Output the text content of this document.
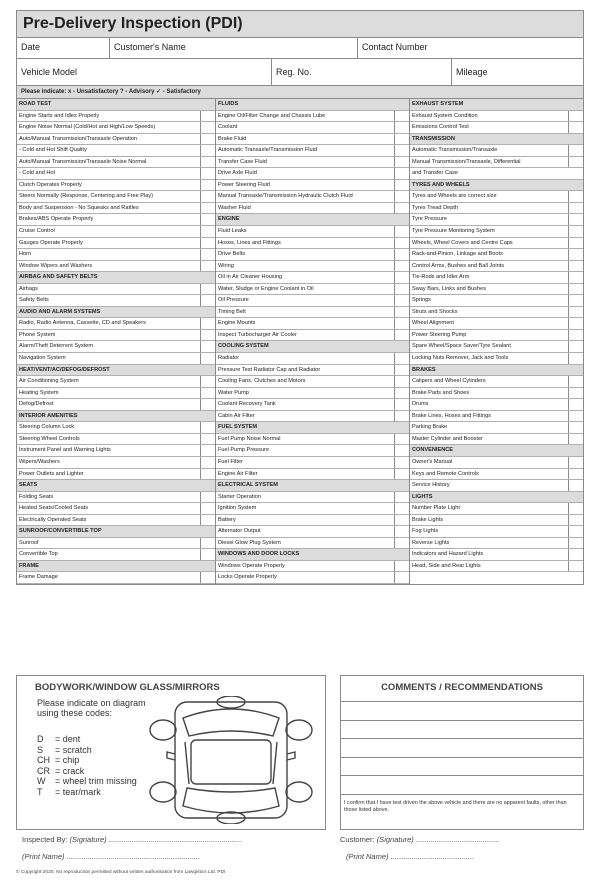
Pre-Delivery Inspection (PDI)
Date	Customer's Name	Contact Number
Vehicle Model	Reg. No.	Mileage
Please indicate: x - Unsatisfactory ? - Advisory ✓ - Satisfactory
ROAD TEST
Engine Starts and Idles Properly
Engine Noise Normal (Cold/Hot and High/Low Speeds)
Auto/Manual Transmission/Transaxle Operation
- Cold and Hot Shift Quality
Auto/Manual Transmission/Transaxle Noise Normal
- Cold and Hot
Clutch Operates Properly
Steers Normally (Response, Centering and Free Play)
Body and Suspension - No Squeaks and Rattles
Brakes/ABS Operate Properly
Cruise Control
Gauges Operate Properly
Horn
Window Wipers and Washers
AIRBAG AND SAFETY BELTS
Airbags
Safety Belts
AUDIO AND ALARM SYSTEMS
Radio, Radio Antenna, Cassette, CD and Speakers
Phone System
Alarm/Theft Deterrent System
Navigation System
HEAT/VENT/AC/DEFOG/DEFROST
Air Conditioning System
Heating System
Defog/Defrost
INTERIOR AMENITIES
Steering Column Lock
Steering Wheel Controls
Instrument Panel and Warning Lights
Wipers/Washers
Power Outlets and Lighter
SEATS
Folding Seats
Heated Seats/Cooled Seats
Electrically Operated Seats
SUNROOF/CONVERTIBLE TOP
Sunroof
Convertible Top
FRAME
Frame Damage
FLUIDS
Engine Oil/Filter Change and Chassis Lube
Coolant
Brake Fluid
Automatic Transaxle/Transmission Fluid
Transfer Case Fluid
Drive Axle Fluid
Power Steering Fluid
Manual Transaxle/Transmission Hydraulic Clutch Fluid
Washer Fluid
ENGINE
Fluid Leaks
Hoses, Lines and Fittings
Drive Belts
Wiring
Oil in Air Cleaner Housing
Water, Sludge or Engine Coolant in Oil
Oil Pressure
Timing Belt
Engine Mounts
Inspect Turbocharger Air Cooler
COOLING SYSTEM
Radiator
Pressure Test Radiator Cap and Radiator
Cooling Fans, Clutches and Motors
Water Pump
Coolant Recovery Tank
Cabin Air Filter
FUEL SYSTEM
Fuel Pump Noise Normal
Fuel Pump Pressure
Fuel Filter
Engine Air Filter
ELECTRICAL SYSTEM
Starter Operation
Ignition System
Battery
Alternator Output
Diesel Glow Plug System
WINDOWS AND DOOR LOCKS
Windows Operate Properly
Locks Operate Properly
EXHAUST SYSTEM
Exhaust System Condition
Emissions Control Test
TRANSMISSION
Automatic Transmission/Transaxle
Manual Transmission/Transaxle, Differential
and Transfer Case
TYRES AND WHEELS
Tyres and Wheels are correct size
Tyres Tread Depth
Tyre Pressure
Tyre Pressure Monitoring System
Wheels, Wheel Covers and Centre Caps
Rack-and-Pinion, Linkage and Boots
Control Arms, Bushes and Ball Joints
Tie-Rods and Idler Arm
Sway Bars, Links and Bushes
Springs
Struts and Shocks
Wheel Alignment
Power Steering Pump
Spare Wheel/Space Saver/Tyre Sealant
Locking Nuts Remover, Jack and Tools
BRAKES
Calipers and Wheel Cylinders
Brake Pads and Shoes
Drums
Brake Lines, Hoses and Fittings
Parking Brake
Master Cylinder and Booster
CONVENIENCE
Owner's Manual
Keys and Remote Controls
Service History
LIGHTS
Number Plate Light
Brake Lights
Fog Lights
Reverse Lights
Indicators and Hazard Lights
Head, Side and Rear Lights
BODYWORK/WINDOW GLASS/MIRRORS
Please indicate on diagram using these codes:
D = dent
S = scratch
CH = chip
CR = crack
W = wheel trim missing
T = tear/mark
COMMENTS / RECOMMENDATIONS
I confirm that I have test driven the above vehicle and there are no apparent faults, other than those listed above.
Inspected By: (Signature) ................................................................
(Print Name) ................................................................
Customer: (Signature) ........................................
(Print Name) ........................................
© Copyright 2020. No reproduction permitted without written authorisation from Lawgistics Ltd. PDI
